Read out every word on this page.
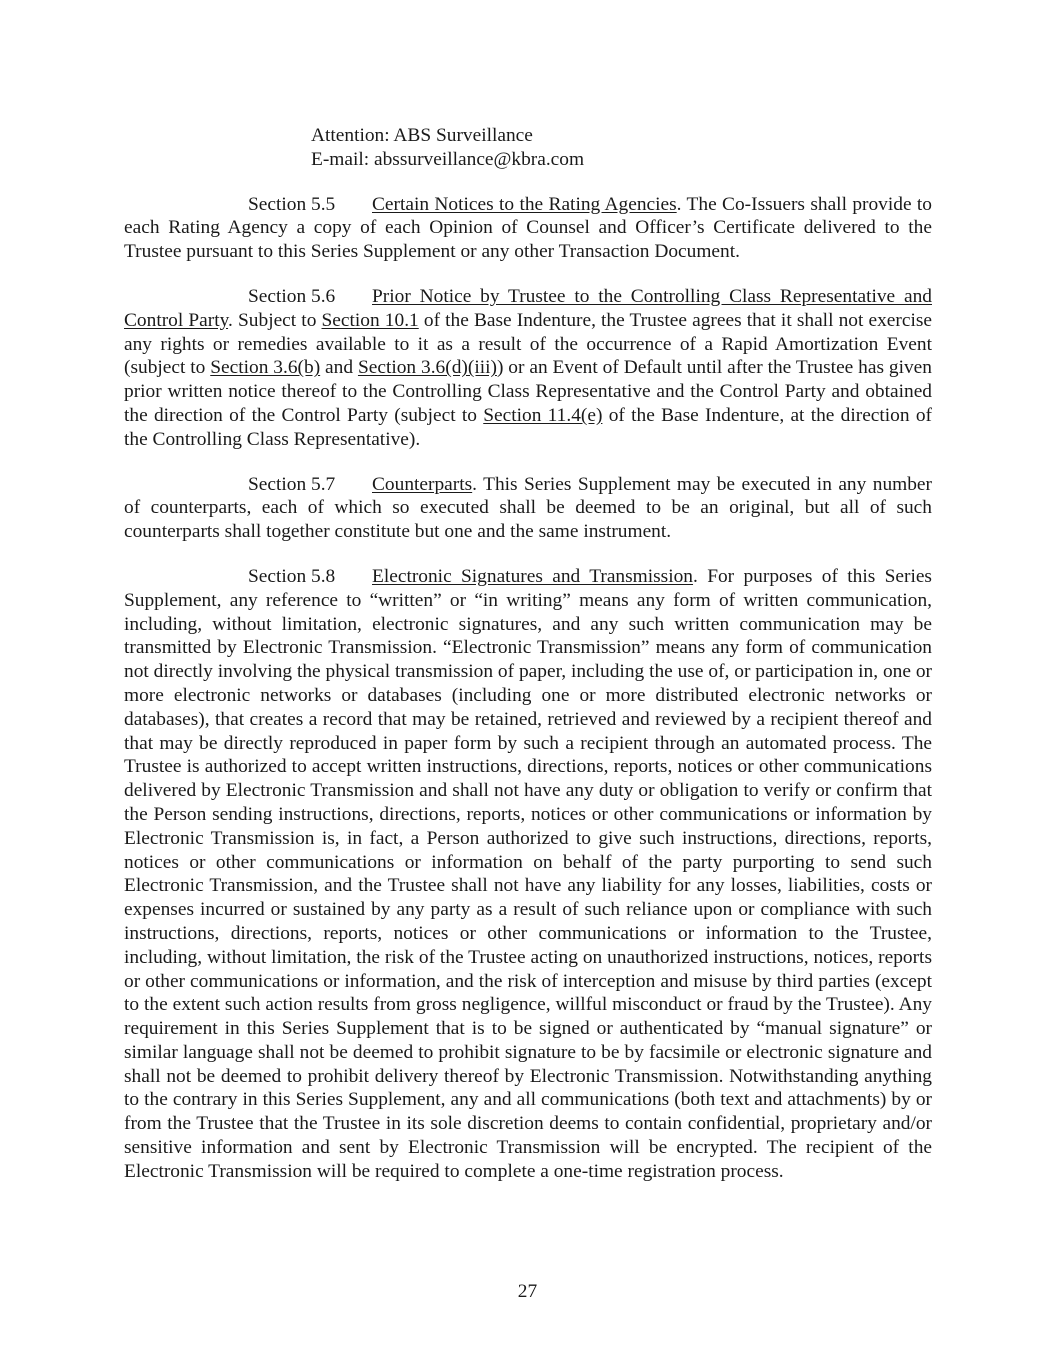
Attention: ABS Surveillance
E-mail: abssurveillance@kbra.com

Section 5.5 Certain Notices to the Rating Agencies. The Co-Issuers shall provide to each Rating Agency a copy of each Opinion of Counsel and Officer’s Certificate delivered to the Trustee pursuant to this Series Supplement or any other Transaction Document.

Section 5.6 Prior Notice by Trustee to the Controlling Class Representative and Control Party. Subject to Section 10.1 of the Base Indenture, the Trustee agrees that it shall not exercise any rights or remedies available to it as a result of the occurrence of a Rapid Amortization Event (subject to Section 3.6(b) and Section 3.6(d)(iii)) or an Event of Default until after the Trustee has given prior written notice thereof to the Controlling Class Representative and the Control Party and obtained the direction of the Control Party (subject to Section 11.4(e) of the Base Indenture, at the direction of the Controlling Class Representative).

Section 5.7 Counterparts. This Series Supplement may be executed in any number of counterparts, each of which so executed shall be deemed to be an original, but all of such counterparts shall together constitute but one and the same instrument.

Section 5.8 Electronic Signatures and Transmission. For purposes of this Series Supplement, any reference to “written” or “in writing” means any form of written communication, including, without limitation, electronic signatures, and any such written communication may be transmitted by Electronic Transmission. “Electronic Transmission” means any form of communication not directly involving the physical transmission of paper, including the use of, or participation in, one or more electronic networks or databases (including one or more distributed electronic networks or databases), that creates a record that may be retained, retrieved and reviewed by a recipient thereof and that may be directly reproduced in paper form by such a recipient through an automated process. The Trustee is authorized to accept written instructions, directions, reports, notices or other communications delivered by Electronic Transmission and shall not have any duty or obligation to verify or confirm that the Person sending instructions, directions, reports, notices or other communications or information by Electronic Transmission is, in fact, a Person authorized to give such instructions, directions, reports, notices or other communications or information on behalf of the party purporting to send such Electronic Transmission, and the Trustee shall not have any liability for any losses, liabilities, costs or expenses incurred or sustained by any party as a result of such reliance upon or compliance with such instructions, directions, reports, notices or other communications or information to the Trustee, including, without limitation, the risk of the Trustee acting on unauthorized instructions, notices, reports or other communications or information, and the risk of interception and misuse by third parties (except to the extent such action results from gross negligence, willful misconduct or fraud by the Trustee). Any requirement in this Series Supplement that is to be signed or authenticated by “manual signature” or similar language shall not be deemed to prohibit signature to be by facsimile or electronic signature and shall not be deemed to prohibit delivery thereof by Electronic Transmission. Notwithstanding anything to the contrary in this Series Supplement, any and all communications (both text and attachments) by or from the Trustee that the Trustee in its sole discretion deems to contain confidential, proprietary and/or sensitive information and sent by Electronic Transmission will be encrypted. The recipient of the Electronic Transmission will be required to complete a one-time registration process.

27
